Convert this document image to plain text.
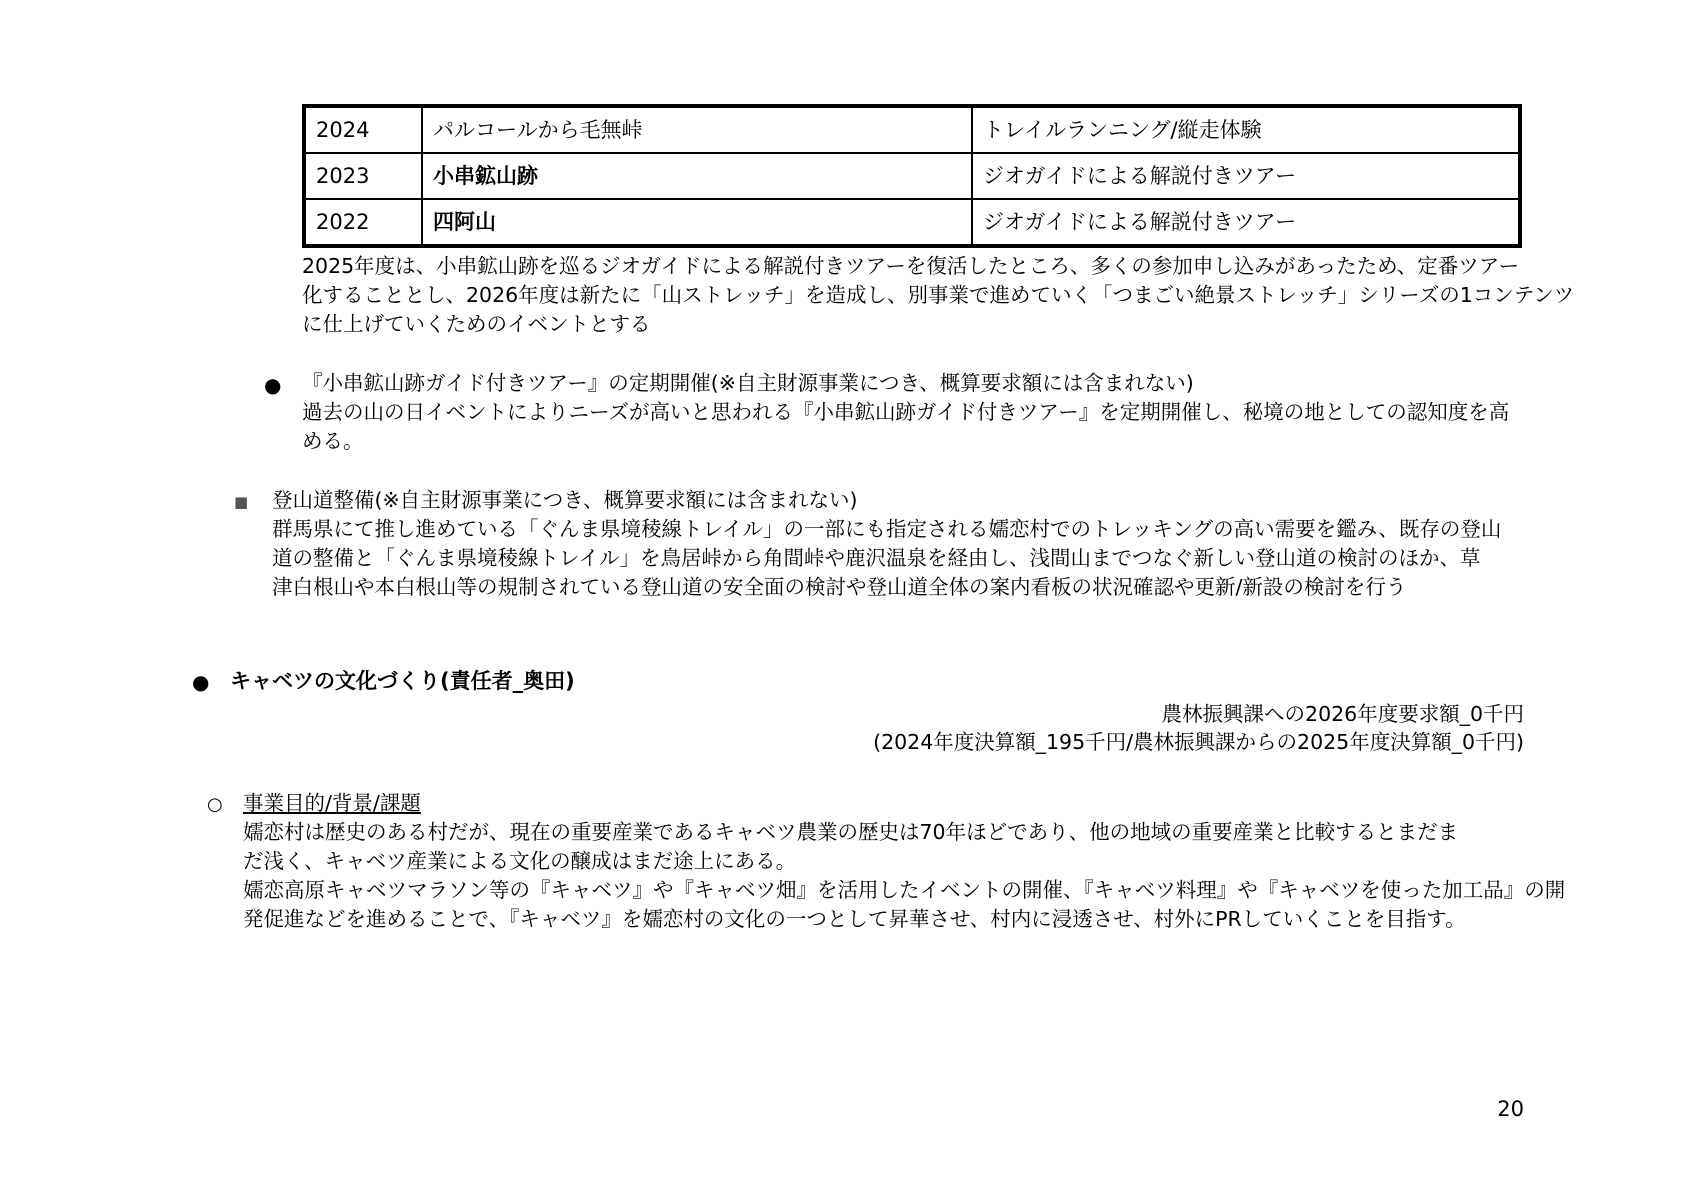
2024	パルコールから毛無峠	トレイルランニング/縦走体験
2023	小串鉱山跡	ジオガイドによる解説付きツアー
2022	四阿山	ジオガイドによる解説付きツアー
2025年度は、小串鉱山跡を巡るジオガイドによる解説付きツアーを復活したところ、多くの参加申し込みがあったため、定番ツアー
化することとし、2026年度は新たに「山ストレッチ」を造成し、別事業で進めていく「つまごい絶景ストレッチ」シリーズの1コンテンツ
に仕上げていくためのイベントとする
● 『小串鉱山跡ガイド付きツアー』の定期開催(※自主財源事業につき、概算要求額には含まれない)
過去の山の日イベントによりニーズが高いと思われる『小串鉱山跡ガイド付きツアー』を定期開催し、秘境の地としての認知度を高
める。
■ 登山道整備(※自主財源事業につき、概算要求額には含まれない)
群馬県にて推し進めている「ぐんま県境稜線トレイル」の一部にも指定される嬬恋村でのトレッキングの高い需要を鑑み、既存の登山
道の整備と「ぐんま県境稜線トレイル」を鳥居峠から角間峠や鹿沢温泉を経由し、浅間山までつなぐ新しい登山道の検討のほか、草
津白根山や本白根山等の規制されている登山道の安全面の検討や登山道全体の案内看板の状況確認や更新/新設の検討を行う
● キャベツの文化づくり(責任者_奥田)
農林振興課への2026年度要求額_0千円
(2024年度決算額_195千円/農林振興課からの2025年度決算額_0千円)
○ 事業目的/背景/課題
嬬恋村は歴史のある村だが、現在の重要産業であるキャベツ農業の歴史は70年ほどであり、他の地域の重要産業と比較するとまだま
だ浅く、キャベツ産業による文化の醸成はまだ途上にある。
嬬恋高原キャベツマラソン等の『キャベツ』や『キャベツ畑』を活用したイベントの開催、『キャベツ料理』や『キャベツを使った加工品』の開
発促進などを進めることで、『キャベツ』を嬬恋村の文化の一つとして昇華させ、村内に浸透させ、村外にPRしていくことを目指す。
20
